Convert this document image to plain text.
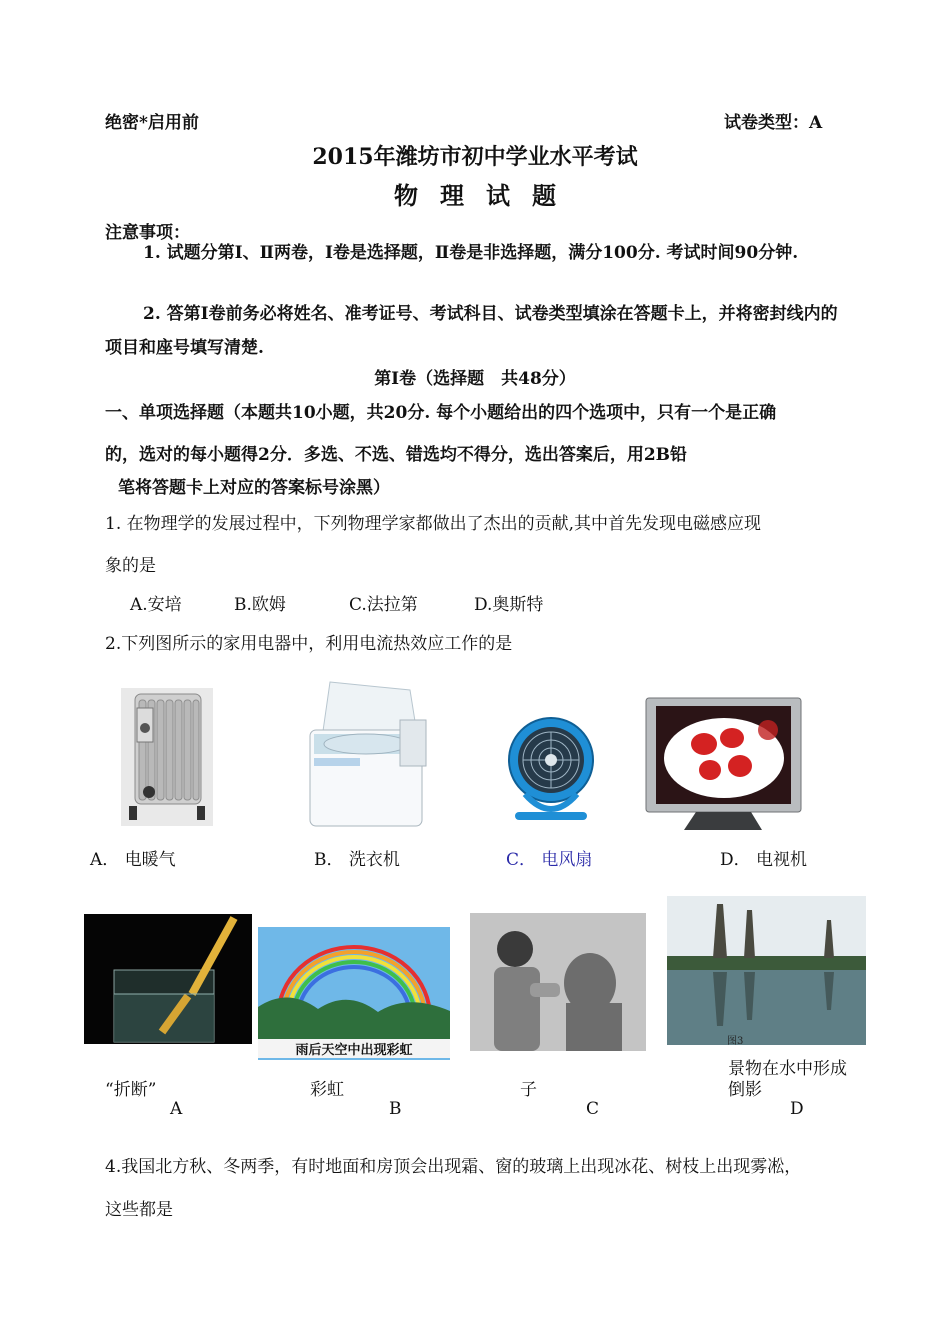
绝密*启用前	试卷类型：A
2015年潍坊市初中学业水平考试
物理试题
注意事项：
1. 试题分第Ⅰ、Ⅱ两卷，I卷是选择题，Ⅱ卷是非选择题，满分100分. 考试时间90分钟.
2. 答第Ⅰ卷前务必将姓名、准考证号、考试科目、试卷类型填涂在答题卡上，并将密封线内的项目和座号填写清楚.
第Ⅰ卷（选择题　共48分）
一、单项选择题（本题共10小题，共20分. 每个小题给出的四个选项中，只有一个是正确
的，选对的每小题得2分．多选、不选、错选均不得分，选出答案后，用2B铅
笔将答题卡上对应的答案标号涂黑）
1. 在物理学的发展过程中，下列物理学家都做出了杰出的贡献,其中首先发现电磁感应现
象的是
A.安培	B.欧姆	C.法拉第	D.奥斯特
2.下列图所示的家用电器中，利用电流热效应工作的是
A． 电暖气	B． 洗衣机	C． 电风扇	D． 电视机
雨后天空中出现彩虹
图3
“折断”	彩虹	子
景物在水中形成
倒影
A	B	C	D
4.我国北方秋、冬两季，有时地面和房顶会出现霜、窗的玻璃上出现冰花、树枝上出现雾凇，
这些都是
